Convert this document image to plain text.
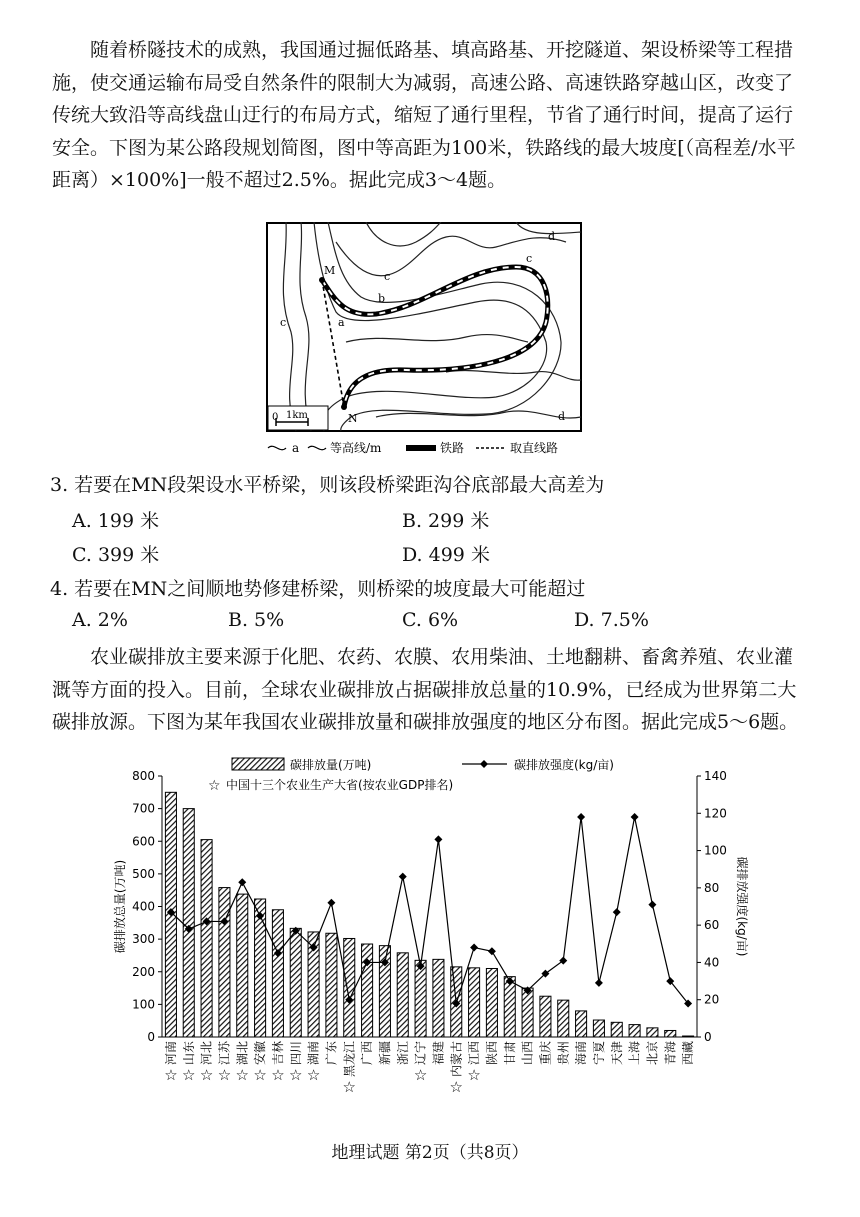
随着桥隧技术的成熟，我国通过掘低路基、填高路基、开挖隧道、架设桥梁等工程措施，使交通运输布局受自然条件的限制大为减弱，高速公路、高速铁路穿越山区，改变了传统大致沿等高线盘山迂行的布局方式，缩短了通行里程，节省了通行时间，提高了运行安全。下图为某公路段规划简图，图中等高距为100米，铁路线的最大坡度[（高程差/水平距离）×100%]一般不超过2.5%。据此完成3～4题。
M
N
a
b
c
c
c
d
d
0 1km
a	等高线/m	铁路	取直线路
3. 若要在MN段架设水平桥梁，则该段桥梁距沟谷底部最大高差为
A. 199 米	B. 299 米
C. 399 米	D. 499 米
4. 若要在MN之间顺地势修建桥梁，则桥梁的坡度最大可能超过
A. 2%	B. 5%	C. 6%	D. 7.5%
农业碳排放主要来源于化肥、农药、农膜、农用柴油、土地翻耕、畜禽养殖、农业灌溉等方面的投入。目前，全球农业碳排放占据碳排放总量的10.9%，已经成为世界第二大碳排放源。下图为某年我国农业碳排放量和碳排放强度的地区分布图。据此完成5～6题。
0
100
200
300
400
500
600
700
800
0
20
40
60
80
100
120
140
碳排放总量(万吨)	碳排放强度(kg/亩)
河南 山东 河北 江苏 湖北 安徽 吉林 四川 湖南 广东 黑龙江 广西 新疆 浙江 辽宁 福建 内蒙古 江西 陕西 甘肃 山西 重庆 贵州 海南 宁夏 天津 上海 北京 青海 西藏
☆ ☆ ☆ ☆ ☆ ☆ ☆ ☆ ☆
☆
☆
☆
☆
碳排放量(万吨)	碳排放强度(kg/亩)
☆ 中国十三个农业生产大省(按农业GDP排名)
地理试题 第2页（共8页）
